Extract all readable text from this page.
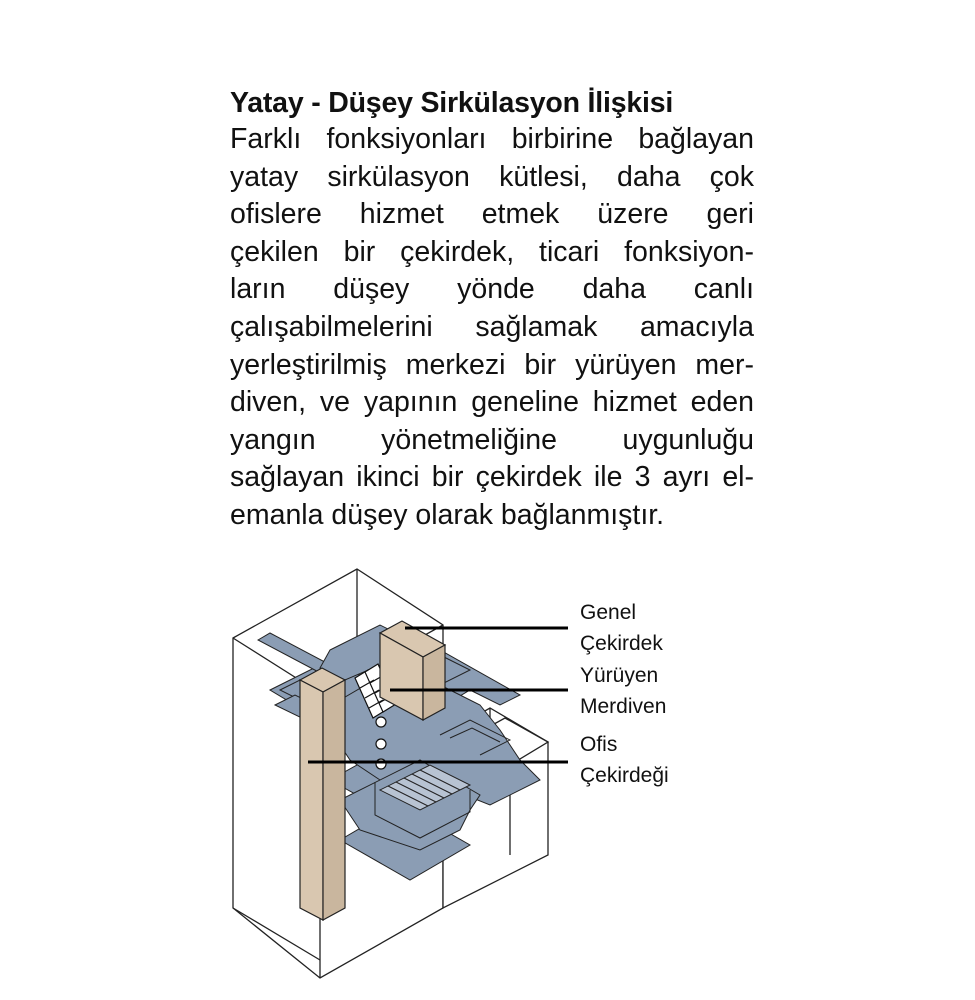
Yatay - Düşey Sirkülasyon İlişkisi

Farklı fonksiyonları birbirine bağlayan
yatay sirkülasyon kütlesi, daha çok
ofislere hizmet etmek üzere geri
çekilen bir çekirdek, ticari fonksiyon-
ların düşey yönde daha canlı
çalışabilmelerini sağlamak amacıyla
yerleştirilmiş merkezi bir yürüyen mer-
diven, ve yapının geneline hizmet eden
yangın yönetmeliğine uygunluğu
sağlayan ikinci bir çekirdek ile 3 ayrı el-
emanla düşey olarak bağlanmıştır.

Genel
Çekirdek
Yürüyen
Merdiven
Ofis
Çekirdeği
